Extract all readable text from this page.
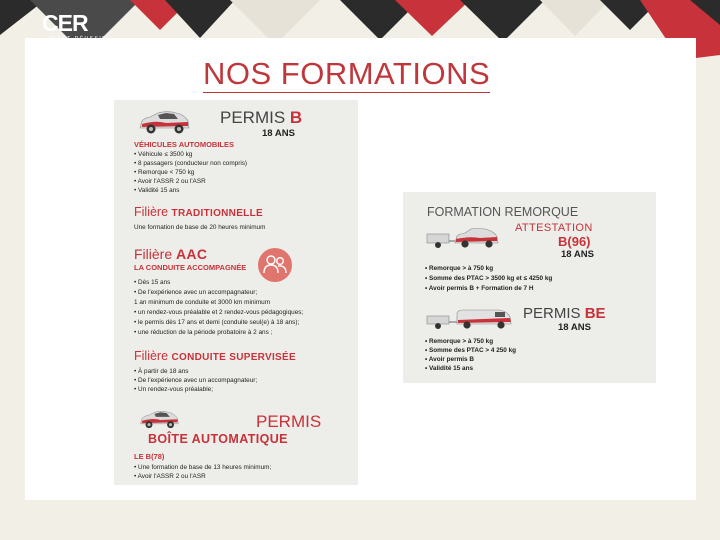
CER
C'EST RÉUSSIR
NOS FORMATIONS
PERMIS B
18 ANS
VÉHICULES AUTOMOBILES
• Véhicule ≤ 3500 kg
• 8 passagers (conducteur non compris)
• Remorque < 750 kg
• Avoir l'ASSR 2 ou l'ASR
• Validité 15 ans
Filière TRADITIONNELLE
Une formation de base de 20 heures minimum
Filière AAC
LA CONDUITE ACCOMPAGNÉE
• Dès 15 ans
• De l'expérience avec un accompagnateur;
1 an minimum de conduite et 3000 km minimum
• un rendez-vous préalable et 2 rendez-vous pédagogiques;
• le permis dès 17 ans et demi (conduite seul(e) à 18 ans);
• une réduction de la période probatoire à 2 ans ;
Filière CONDUITE SUPERVISÉE
• À partir de 18 ans
• De l'expérience avec un accompagnateur;
• Un rendez-vous préalable;
PERMIS
BOÎTE AUTOMATIQUE
LE B(78)
• Une formation de base de 13 heures minimum;
• Avoir l'ASSR 2 ou l'ASR
FORMATION REMORQUE
ATTESTATION
B(96)
18 ANS
• Remorque > à 750 kg
• Somme des PTAC > 3500 kg et ≤ 4250 kg
• Avoir permis B + Formation de 7 H
PERMIS BE
18 ANS
• Remorque > à 750 kg
• Somme des PTAC > 4 250 kg
• Avoir permis B
• Validité 15 ans
